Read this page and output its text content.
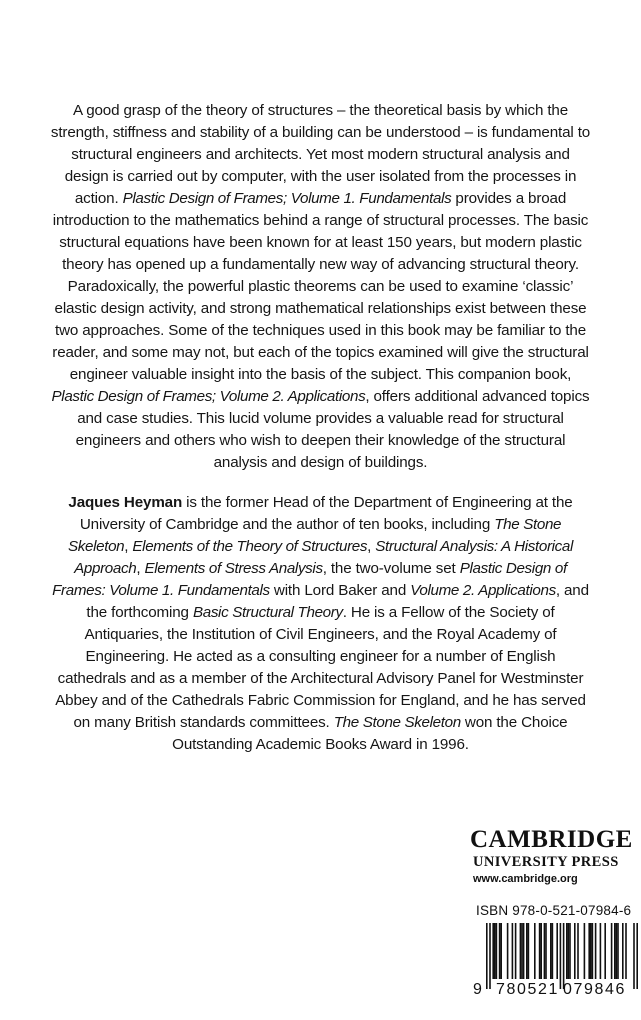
A good grasp of the theory of structures – the theoretical basis by which the strength, stiffness and stability of a building can be understood – is fundamental to structural engineers and architects. Yet most modern structural analysis and design is carried out by computer, with the user isolated from the processes in action. Plastic Design of Frames; Volume 1. Fundamentals provides a broad introduction to the mathematics behind a range of structural processes. The basic structural equations have been known for at least 150 years, but modern plastic theory has opened up a fundamentally new way of advancing structural theory. Paradoxically, the powerful plastic theorems can be used to examine ‘classic’ elastic design activity, and strong mathematical relationships exist between these two approaches. Some of the techniques used in this book may be familiar to the reader, and some may not, but each of the topics examined will give the structural engineer valuable insight into the basis of the subject. This companion book, Plastic Design of Frames; Volume 2. Applications, offers additional advanced topics and case studies. This lucid volume provides a valuable read for structural engineers and others who wish to deepen their knowledge of the structural analysis and design of buildings.

Jaques Heyman is the former Head of the Department of Engineering at the University of Cambridge and the author of ten books, including The Stone Skeleton, Elements of the Theory of Structures, Structural Analysis: A Historical Approach, Elements of Stress Analysis, the two-volume set Plastic Design of Frames: Volume 1. Fundamentals with Lord Baker and Volume 2. Applications, and the forthcoming Basic Structural Theory. He is a Fellow of the Society of Antiquaries, the Institution of Civil Engineers, and the Royal Academy of Engineering. He acted as a consulting engineer for a number of English cathedrals and as a member of the Architectural Advisory Panel for Westminster Abbey and of the Cathedrals Fabric Commission for England, and he has served on many British standards committees. The Stone Skeleton won the Choice Outstanding Academic Books Award in 1996.

CAMBRIDGE
UNIVERSITY PRESS
www.cambridge.org
ISBN 978-0-521-07984-6
9 780521 079846
